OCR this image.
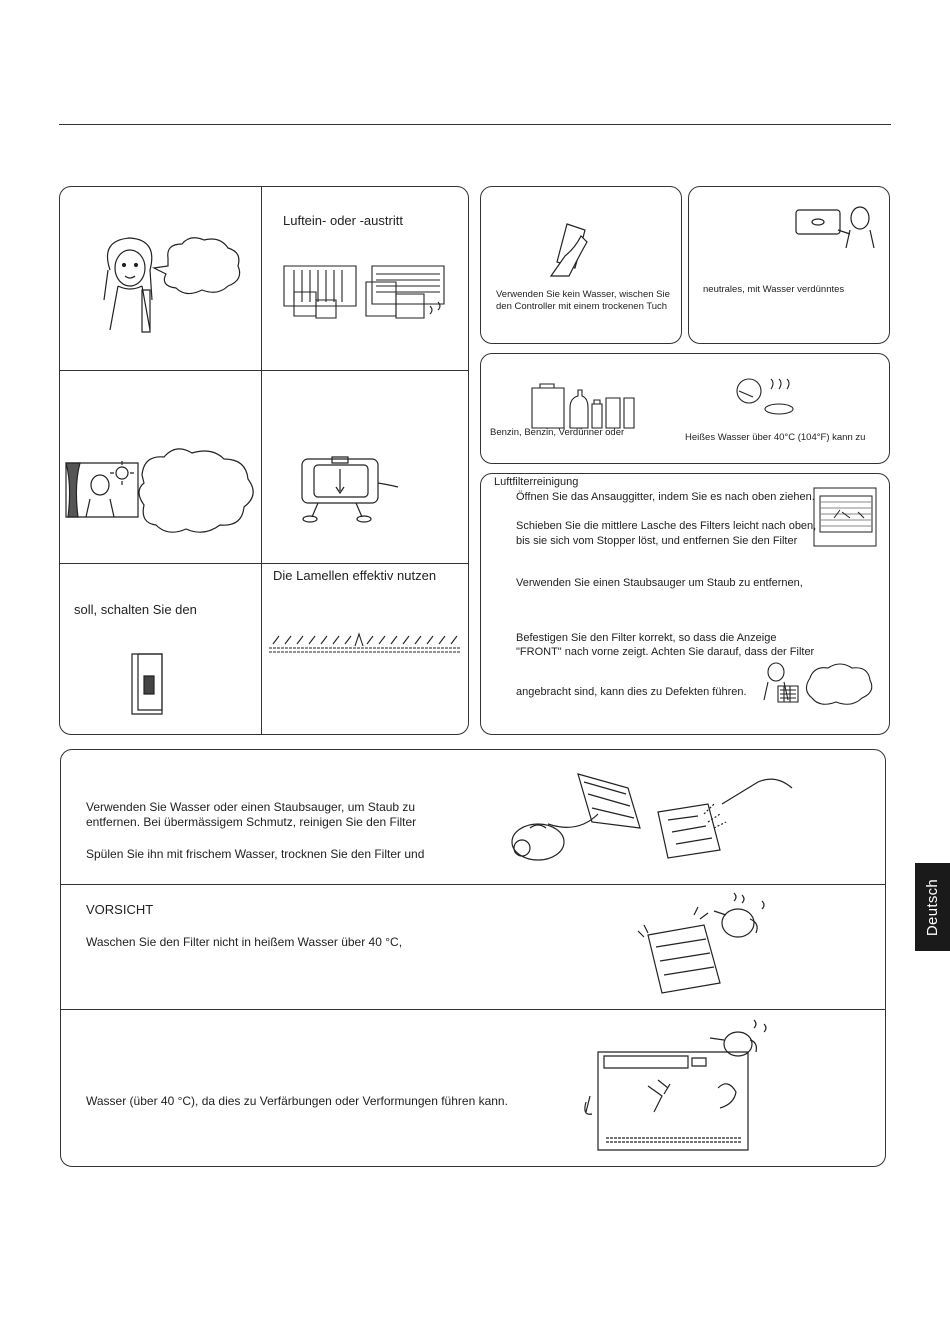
Luftein- oder -austritt
soll, schalten Sie den
Die Lamellen effektiv nutzen
Verwenden Sie kein Wasser, wischen Sie
den Controller mit einem trockenen Tuch
neutrales, mit Wasser verdünntes
Benzin, Benzin, Verdünner oder	Heißes Wasser über 40°C (104°F) kann zu
Luftfilterreinigung
Öffnen Sie das Ansauggitter, indem Sie es nach oben ziehen.
Schieben Sie die mittlere Lasche des Filters leicht nach oben,
bis sie sich vom Stopper löst, und entfernen Sie den Filter
Verwenden Sie einen Staubsauger um Staub zu entfernen,
Befestigen Sie den Filter korrekt, so dass die Anzeige
"FRONT" nach vorne zeigt. Achten Sie darauf, dass der Filter
angebracht sind, kann dies zu Defekten führen.
Verwenden Sie Wasser oder einen Staubsauger, um Staub zu
entfernen. Bei übermässigem Schmutz, reinigen Sie den Filter
Spülen Sie ihn mit frischem Wasser, trocknen Sie den Filter und
VORSICHT
Waschen Sie den Filter nicht in heißem Wasser über 40 °C,
Wasser (über 40 °C), da dies zu Verfärbungen oder Verformungen führen kann.
Deutsch
